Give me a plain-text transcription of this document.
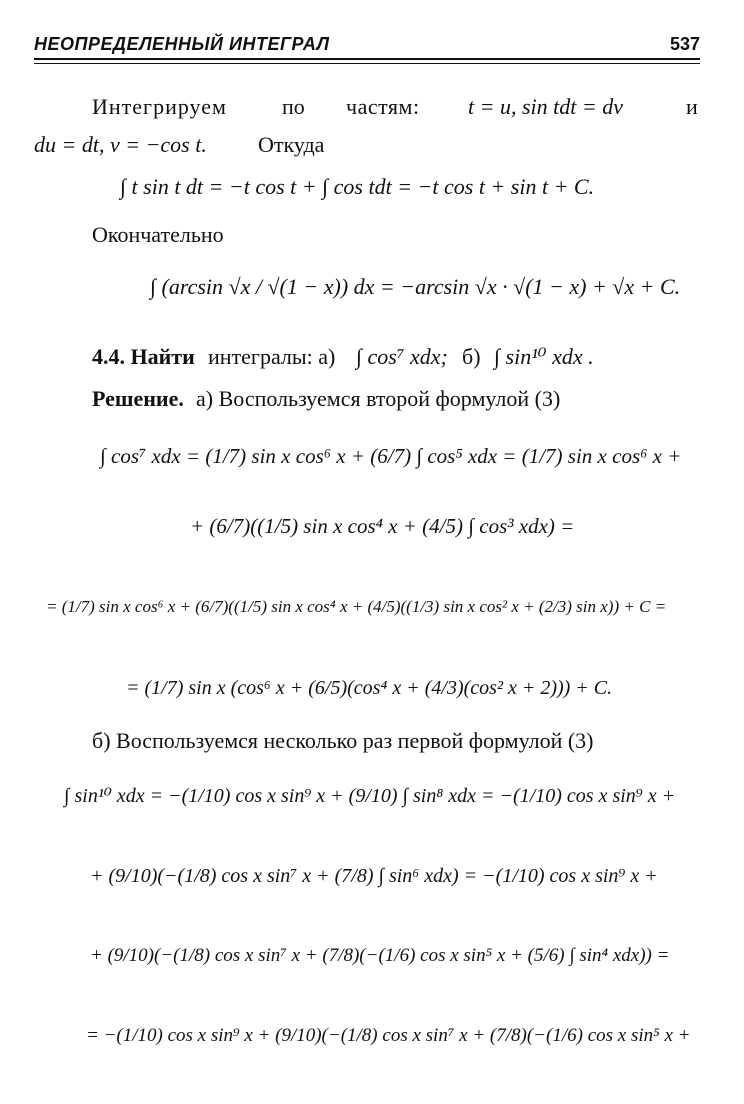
НЕОПРЕДЕЛЕННЫЙ ИНТЕГРАЛ	537
Интегрируем	по частям: t = u, sin tdt = dv	и
du = dt, v = −cos t. Откуда
∫ t sin t dt = −t cos t + ∫ cos tdt = −t cos t + sin t + C.
Окончательно
∫ (arcsin √x / √(1 − x)) dx = −arcsin √x · √(1 − x) + √x + C.
4.4. Найти интегралы: а) ∫ cos⁷ xdx; б) ∫ sin¹⁰ xdx .
Решение. а) Воспользуемся второй формулой (3)
∫ cos⁷ xdx = (1/7) sin x cos⁶ x + (6/7) ∫ cos⁵ xdx = (1/7) sin x cos⁶ x +
+ (6/7)((1/5) sin x cos⁴ x + (4/5) ∫ cos³ xdx) =
= (1/7) sin x cos⁶ x + (6/7)((1/5) sin x cos⁴ x + (4/5)((1/3) sin x cos² x + (2/3) sin x)) + C =
= (1/7) sin x (cos⁶ x + (6/5)(cos⁴ x + (4/3)(cos² x + 2))) + C.
б) Воспользуемся несколько раз первой формулой (3)
∫ sin¹⁰ xdx = −(1/10) cos x sin⁹ x + (9/10) ∫ sin⁸ xdx = −(1/10) cos x sin⁹ x +
+ (9/10)(−(1/8) cos x sin⁷ x + (7/8) ∫ sin⁶ xdx) = −(1/10) cos x sin⁹ x +
+ (9/10)(−(1/8) cos x sin⁷ x + (7/8)(−(1/6) cos x sin⁵ x + (5/6) ∫ sin⁴ xdx)) =
= −(1/10) cos x sin⁹ x + (9/10)(−(1/8) cos x sin⁷ x + (7/8)(−(1/6) cos x sin⁵ x +
